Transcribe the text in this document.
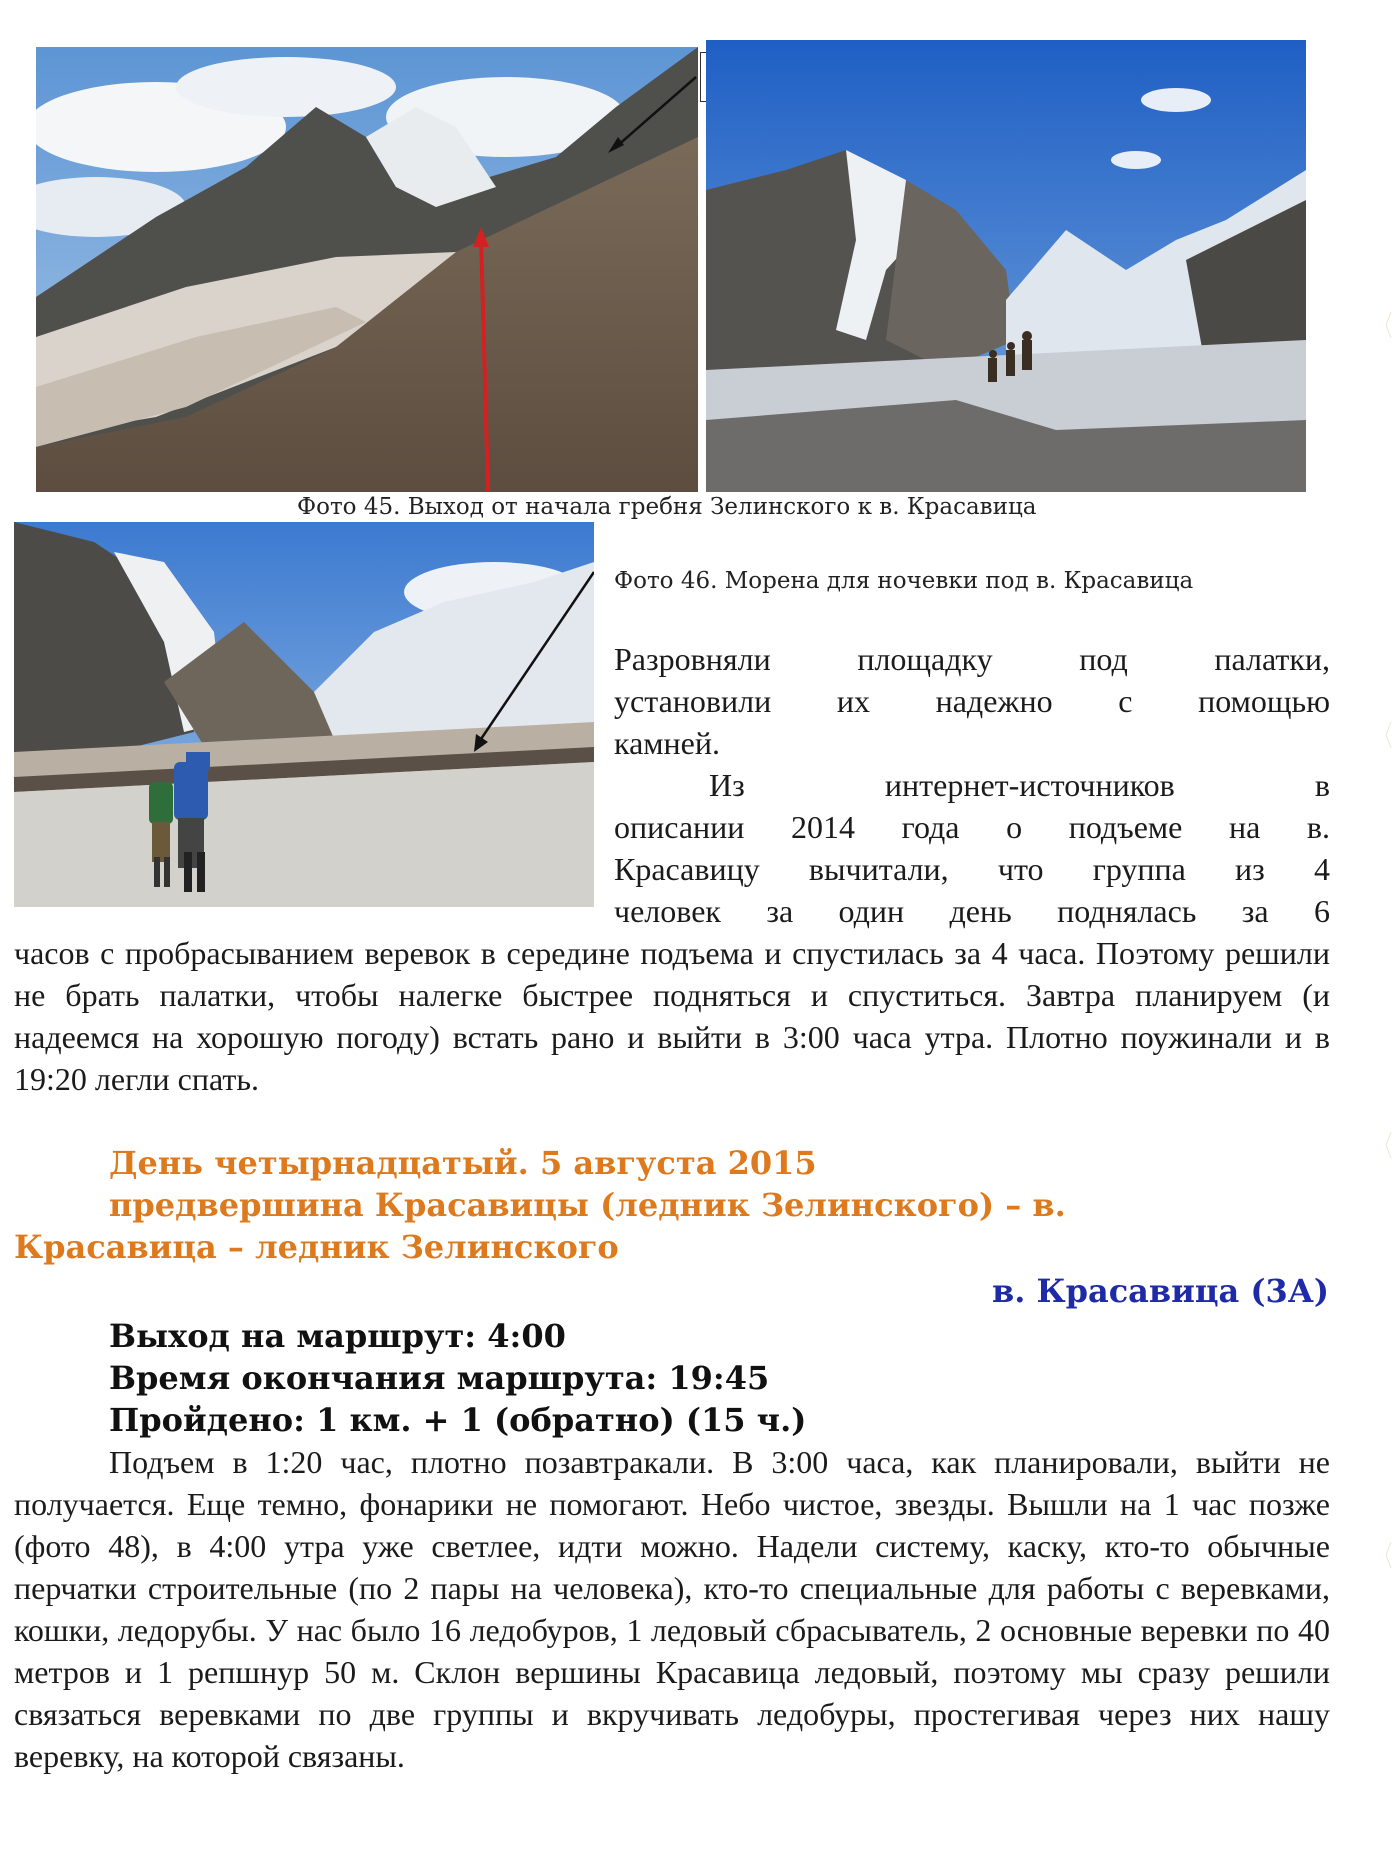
Фото 45. Выход от начала гребня Зелинского к в. Красавица
Фото 46. Морена для ночевки под в. Красавица

Разровняли площадку под палатки,

установили их надежно с помощью

камней.

Из интернет-источников в

описании 2014 года о подъеме на в.

Красавицу вычитали, что группа из 4

человек за один день поднялась за 6

часов с пробрасыванием веревок в середине подъема и спустилась за 4 часа. Поэтому решили не брать палатки, чтобы налегке быстрее подняться и спуститься. Завтра планируем (и надеемся на хорошую погоду) встать рано и выйти в 3:00 часа утра. Плотно поужинали и в 19:20 легли спать.

День четырнадцатый. 5 августа 2015
предвершина Красавицы (ледник Зелинского) – в.
Красавица – ледник Зелинского
в. Красавица (3А)
Выход на маршрут: 4:00
Время окончания маршрута: 19:45
Пройдено: 1 км. + 1 (обратно) (15 ч.)

Подъем в 1:20 час, плотно позавтракали. В 3:00 часа, как планировали, выйти не получается. Еще темно, фонарики не помогают. Небо чистое, звезды. Вышли на 1 час позже (фото 48), в 4:00 утра уже светлее, идти можно. Надели систему, каску, кто-то обычные перчатки строительные (по 2 пары на человека), кто-то специальные для работы с веревками, кошки, ледорубы. У нас было 16 ледобуров, 1 ледовый сбрасыватель, 2 основные веревки по 40 метров и 1 репшнур 50 м. Склон вершины Красавица ледовый, поэтому мы сразу решили связаться веревками по две группы и вкручивать ледобуры, простегивая через них нашу веревку, на которой связаны.
